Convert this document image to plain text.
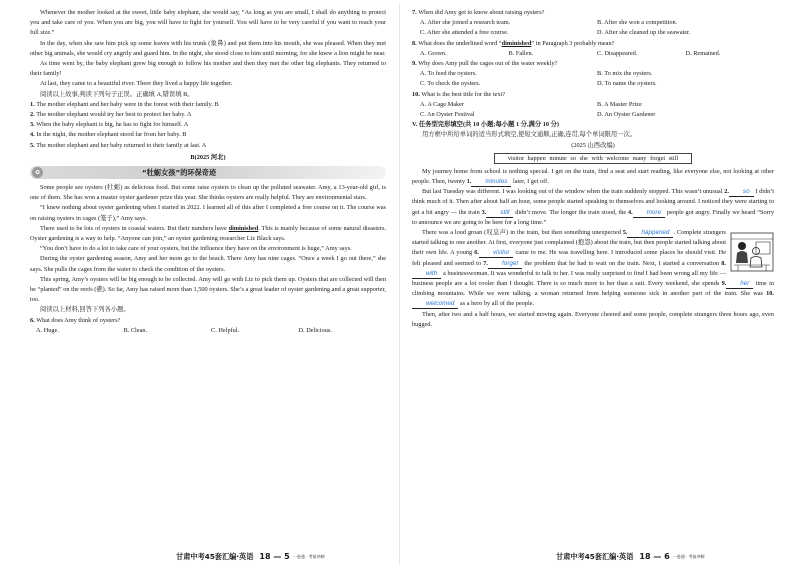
Whenever the mother looked at the sweet, little baby elephant, she would say, “As long as you are small, I shall do anything to protect you and take care of you. When you are big, you will have to fight for yourself. You will have to be very careful if you want to reach your full size.”

In the day, when she saw him pick up some leaves with his trunk (象鼻) and put them into his mouth, she was pleased. When they met other big animals, she would cry angrily and guard him. In the night, she stood close to him until morning, for she knew a lion might be near.

As time went by, the baby elephant grew big enough to follow his mother and then they met the other big elephants. They returned to their family!

At last, they came to a beautiful river. There they lived a happy life together.

阅读以上故事,判读下列句子正误。正确填 A,错误填 B。

1. The mother elephant and her baby were in the forest with their family. B

2. The mother elephant would try her best to protect her baby. A

3. When the baby elephant is big, he has to fight for himself. A

4. In the night, the mother elephant stood far from her baby. B

5. The mother elephant and her baby returned to their family at last. A

B(2025 河北)

✿	“牡蛎女孩”的环保奇迹

Some people see oysters (牡蛎) as delicious food. But some raise oysters to clean up the polluted seawater. Amy, a 13-year-old girl, is one of them. She has won a master oyster gardener prize this year. She thinks oysters are really helpful. They are environmental stars.

“I knew nothing about oyster gardening when I started in 2022. I learned all of this after I completed a free course on it. The course was on raising oysters in cages (笼子),” Amy says.

There used to be lots of oysters in coastal waters. But their numbers have diminished. This is mainly because of some natural disasters. Oyster gardening is a way to help. “Anyone can join,” an oyster gardening researcher Liz Black says.

“You don’t have to do a lot to take care of your oysters, but the influence they have on the environment is huge,” Amy says.

During the oyster gardening season, Amy and her mom go to the beach. There Amy has nine cages. “Once a week I go out there,” she says. She pulls the cages from the water to check the condition of the oysters.

This spring, Amy’s oysters will be big enough to be collected. Amy will go with Liz to pick them up. Oysters that are collected will then be “planted” on the reefs (礁). So far, Amy has raised more than 1,500 oysters. She’s a great leader of oyster gardening and a great supporter, too.

阅读以上材料,回答下列各小题。

6. What does Amy think of oysters?

A. Huge.	B. Clean.	C. Helpful.	D. Delicious.
甘肃中考45套汇编·英语 18 — 5 一卷通 · 考前冲刺

7. When did Amy get to know about raising oysters?

A. After she joined a research team.	B. After she won a competition.
C. After she attended a free course.	D. After she cleaned up the seawater.

8. What does the underlined word “diminished” in Paragraph 3 probably mean?

A. Grown.	B. Fallen.	C. Disappeared.	D. Remained.

9. Why does Amy pull the cages out of the water weekly?

A. To feed the oysters.	B. To mix the oysters.
C. To check the oysters.	D. To name the oysters.

10. What is the best title for the text?

A. A Cage Maker	B. A Master Prize
C. An Oyster Festival	D. An Oyster Gardener

V. 任务型完形填空(共 10 小题;每小题 1 分,满分 10 分)

用方框中所给单词的适当形式填空,使短文通顺,正确,连贯,每个单词限用一次。

(2025 山西改编)

visitor happen minute so she with welcome many forget still

My journey home from school is nothing special. I get on the train, find a seat and start reading, like everyone else, not looking at other people. Then, twenty 1. minutes later, I get off.

But last Tuesday was different. I was looking out of the window when the train suddenly stopped. This wasn’t unusual 2. so I didn’t think much of it. Then after about half an hour, some people started speaking to themselves and looking around. I noticed they were starting to get a bit angry — the train 3. still didn’t move. The longer the train stood, the 4. more people got angry. Finally we heard “Sorry to announce we are going to be here for a long time.”

There was a loud groan (叹息声) in the train, but then something unexpected 5. happened . Complete strangers started talking to one another. At first, everyone just complained (抱怨) about the train, but then people started talking about their own life. A young 6. visitor came to me. He was travelling here. I introduced some places he should visit. He felt pleased and seemed to 7. forget the problem that he had to wait on the train. Next, I started a conversation 8.with a businesswoman. It was wonderful to talk to her. I was really surprised to find I had been wrong all my life — business people are a lot cooler than I thought. There is so much more to her than a suit. Every weekend, she spends 9. her time in climbing mountains. While we were talking, a woman returned from helping someone sick in another part of the train. She was 10.welcomed as a hero by all of the people.

Then, after two and a half hours, we started moving again. Everyone cheered and some people, complete strangers three hours ago, even hugged.

甘肃中考45套汇编·英语 18 — 6 一卷通 · 考前冲刺
